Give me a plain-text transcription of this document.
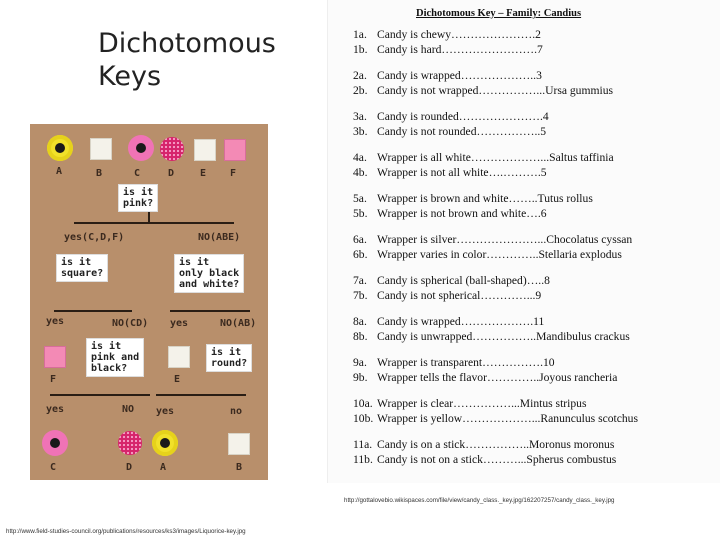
Dichotomous
Keys
A	B	C	D	E F
is it
pink?
yes(C,D,F)	NO(ABE)
is it
square?
is it
only black
and white?
yes	NO(CD) yes	NO(AB)
F
is it
pink and
black?
E
is it
round?
yes	NO yes	no
C	D	A	B
Dichotomous Key – Family: Candius
1a. Candy is chewy………………….2
1b. Candy is hard…………………….7
2a. Candy is wrapped………………..3
2b. Candy is not wrapped……………...Ursa gummius
3a. Candy is rounded………………….4
3b. Candy is not rounded……………..5
4a. Wrapper is all white………………...Saltus taffinia
4b. Wrapper is not all white….……….5
5a. Wrapper is brown and white……..Tutus rollus
5b. Wrapper is not brown and white….6
6a. Wrapper is silver…………………...Chocolatus cyssan
6b. Wrapper varies in color…………..Stellaria explodus
7a. Candy is spherical (ball-shaped)…..8
7b. Candy is not spherical…………...9
8a. Candy is wrapped……………….11
8b. Candy is unwrapped……………..Mandibulus crackus
9a. Wrapper is transparent…………….10
9b. Wrapper tells the flavor…………..Joyous rancheria
10a. Wrapper is clear……………...Mintus stripus
10b. Wrapper is yellow………………...Ranunculus scotchus
11a. Candy is on a stick……………..Moronus moronus
11b. Candy is not on a stick………...Spherus combustus
http://gottalovebio.wikispaces.com/file/view/candy_class._key.jpg/162207257/candy_class._key.jpg
http://www.field-studies-council.org/publications/resources/ks3/images/Liquorice-key.jpg
